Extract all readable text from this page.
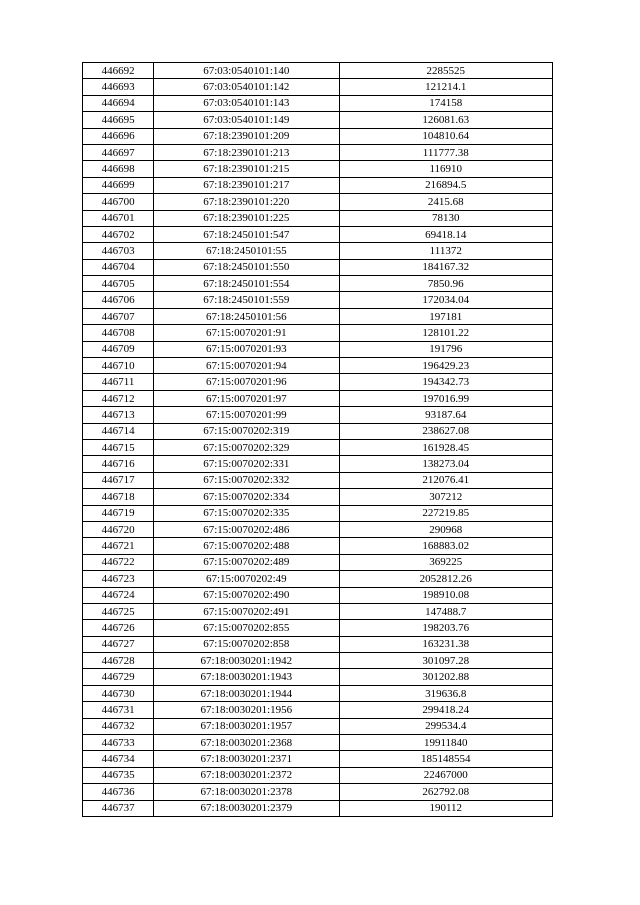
446692	67:03:0540101:140	2285525
446693	67:03:0540101:142	121214.1
446694	67:03:0540101:143	174158
446695	67:03:0540101:149	126081.63
446696	67:18:2390101:209	104810.64
446697	67:18:2390101:213	111777.38
446698	67:18:2390101:215	116910
446699	67:18:2390101:217	216894.5
446700	67:18:2390101:220	2415.68
446701	67:18:2390101:225	78130
446702	67:18:2450101:547	69418.14
446703	67:18:2450101:55	111372
446704	67:18:2450101:550	184167.32
446705	67:18:2450101:554	7850.96
446706	67:18:2450101:559	172034.04
446707	67:18:2450101:56	197181
446708	67:15:0070201:91	128101.22
446709	67:15:0070201:93	191796
446710	67:15:0070201:94	196429.23
446711	67:15:0070201:96	194342.73
446712	67:15:0070201:97	197016.99
446713	67:15:0070201:99	93187.64
446714	67:15:0070202:319	238627.08
446715	67:15:0070202:329	161928.45
446716	67:15:0070202:331	138273.04
446717	67:15:0070202:332	212076.41
446718	67:15:0070202:334	307212
446719	67:15:0070202:335	227219.85
446720	67:15:0070202:486	290968
446721	67:15:0070202:488	168883.02
446722	67:15:0070202:489	369225
446723	67:15:0070202:49	2052812.26
446724	67:15:0070202:490	198910.08
446725	67:15:0070202:491	147488.7
446726	67:15:0070202:855	198203.76
446727	67:15:0070202:858	163231.38
446728	67:18:0030201:1942	301097.28
446729	67:18:0030201:1943	301202.88
446730	67:18:0030201:1944	319636.8
446731	67:18:0030201:1956	299418.24
446732	67:18:0030201:1957	299534.4
446733	67:18:0030201:2368	19911840
446734	67:18:0030201:2371	185148554
446735	67:18:0030201:2372	22467000
446736	67:18:0030201:2378	262792.08
446737	67:18:0030201:2379	190112
